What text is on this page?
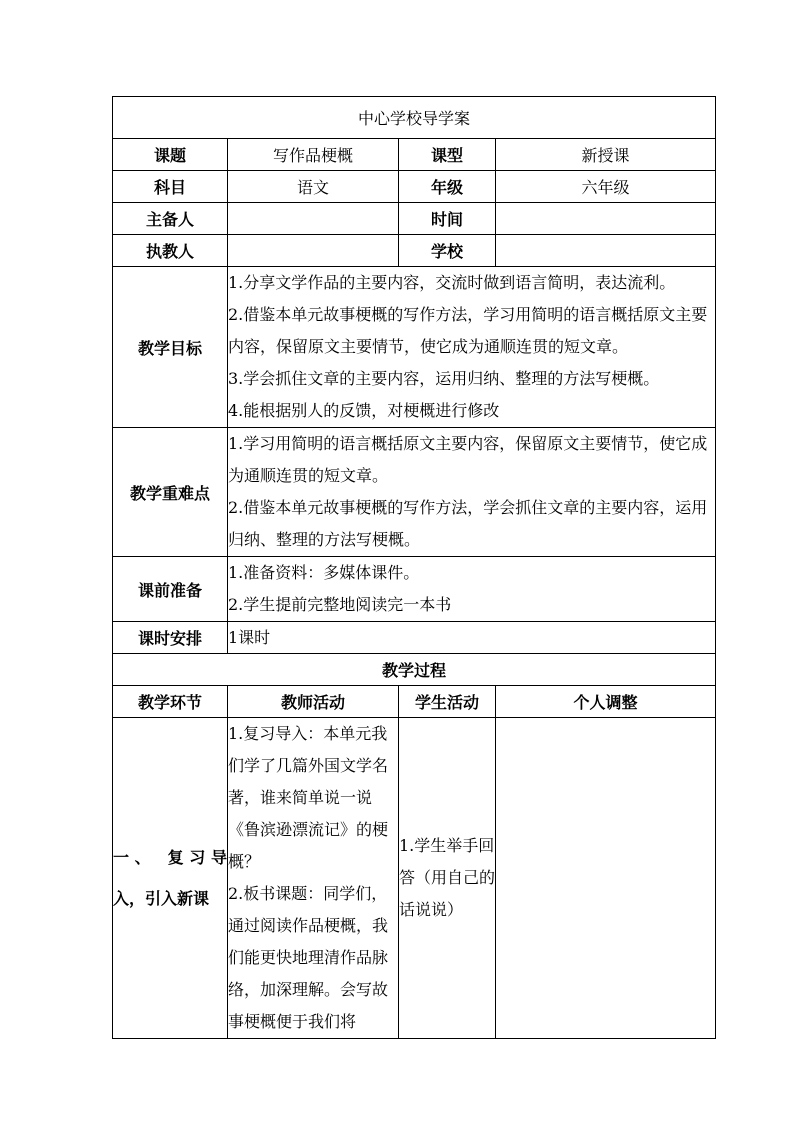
中心学校导学案			
课题	写作品梗概	课型	新授课
科目	语文	年级	六年级
主备人		时间	
执教人		学校	
教学目标	1.分享文学作品的主要内容，交流时做到语言简明，表达流利。

2.借鉴本单元故事梗概的写作方法，学习用简明的语言概括原文主要内容，保留原文主要情节，使它成为通顺连贯的短文章。

3.学会抓住文章的主要内容，运用归纳、整理的方法写梗概。

4.能根据别人的反馈，对梗概进行修改		

教学重难点	1.学习用简明的语言概括原文主要内容，保留原文主要情节，使它成为通顺连贯的短文章。

2.借鉴本单元故事梗概的写作方法，学会抓住文章的主要内容，运用归纳、整理的方法写梗概。		

课前准备	1.准备资料：多媒体课件。

2.学生提前完整地阅读完一本书		

课时安排	1课时		
教学过程			
教学环节	教师活动	学生活动	个人调整
一、 复习导入，引入新课	1.复习导入：本单元我们学了几篇外国文学名著，谁来简单说一说《鲁滨逊漂流记》的梗概？

2.板书课题：同学们，通过阅读作品梗概，我们能更快地理清作品脉络，加深理解。会写故事梗概便于我们将	1.学生举手回答（用自己的话说说）	
